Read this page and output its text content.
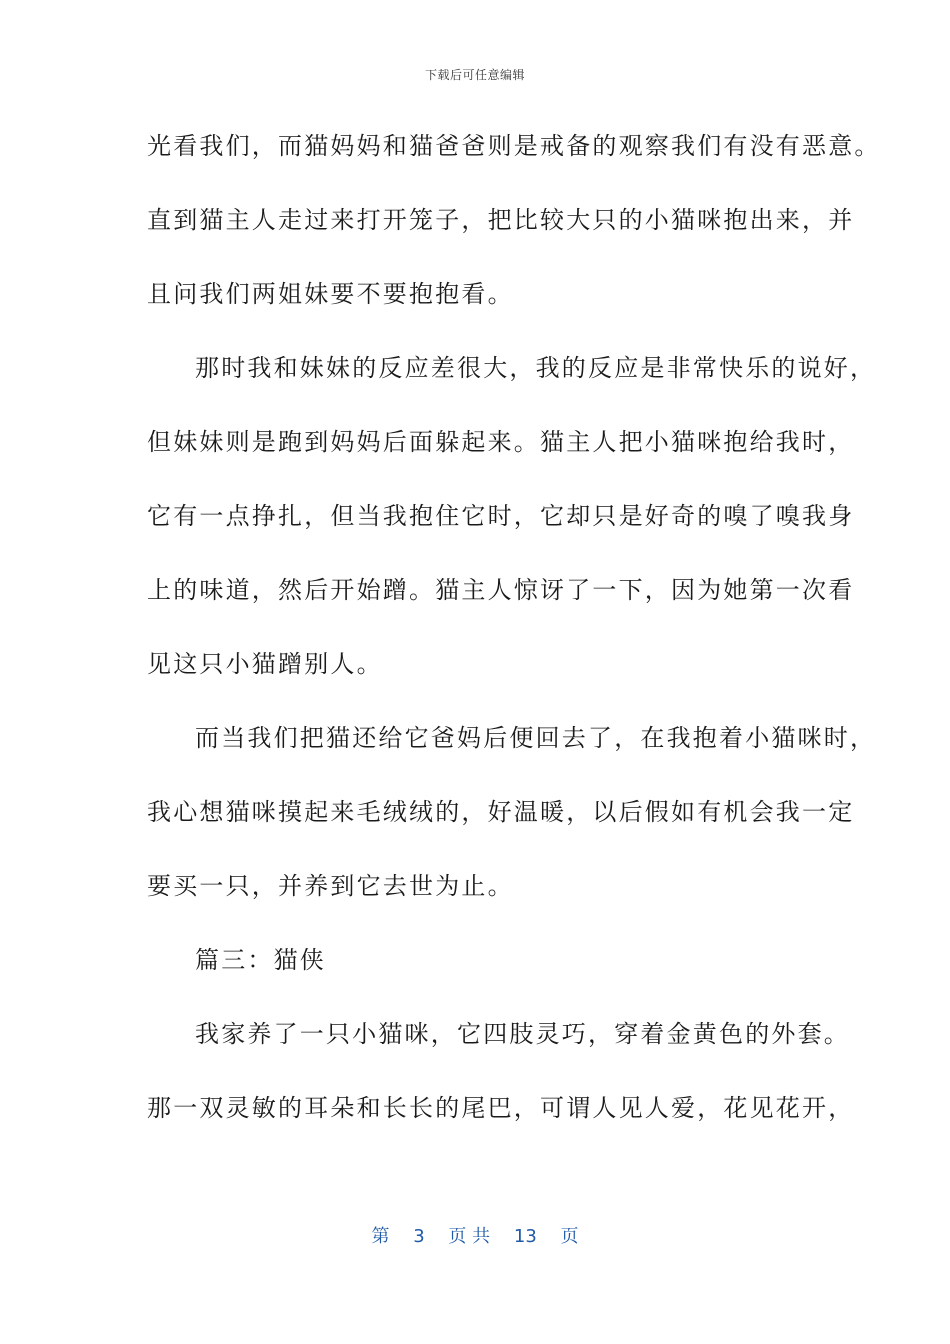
下载后可任意编辑
光看我们，而猫妈妈和猫爸爸则是戒备的观察我们有没有恶意。
直到猫主人走过来打开笼子，把比较大只的小猫咪抱出来，并
且问我们两姐妹要不要抱抱看。
那时我和妹妹的反应差很大，我的反应是非常快乐的说好，
但妹妹则是跑到妈妈后面躲起来。猫主人把小猫咪抱给我时，
它有一点挣扎，但当我抱住它时，它却只是好奇的嗅了嗅我身
上的味道，然后开始蹭。猫主人惊讶了一下，因为她第一次看
见这只小猫蹭别人。
而当我们把猫还给它爸妈后便回去了，在我抱着小猫咪时，
我心想猫咪摸起来毛绒绒的，好温暖，以后假如有机会我一定
要买一只，并养到它去世为止。
篇三：猫侠
我家养了一只小猫咪，它四肢灵巧，穿着金黄色的外套。
那一双灵敏的耳朵和长长的尾巴，可谓人见人爱，花见花开，
第 3 页 共 13 页
